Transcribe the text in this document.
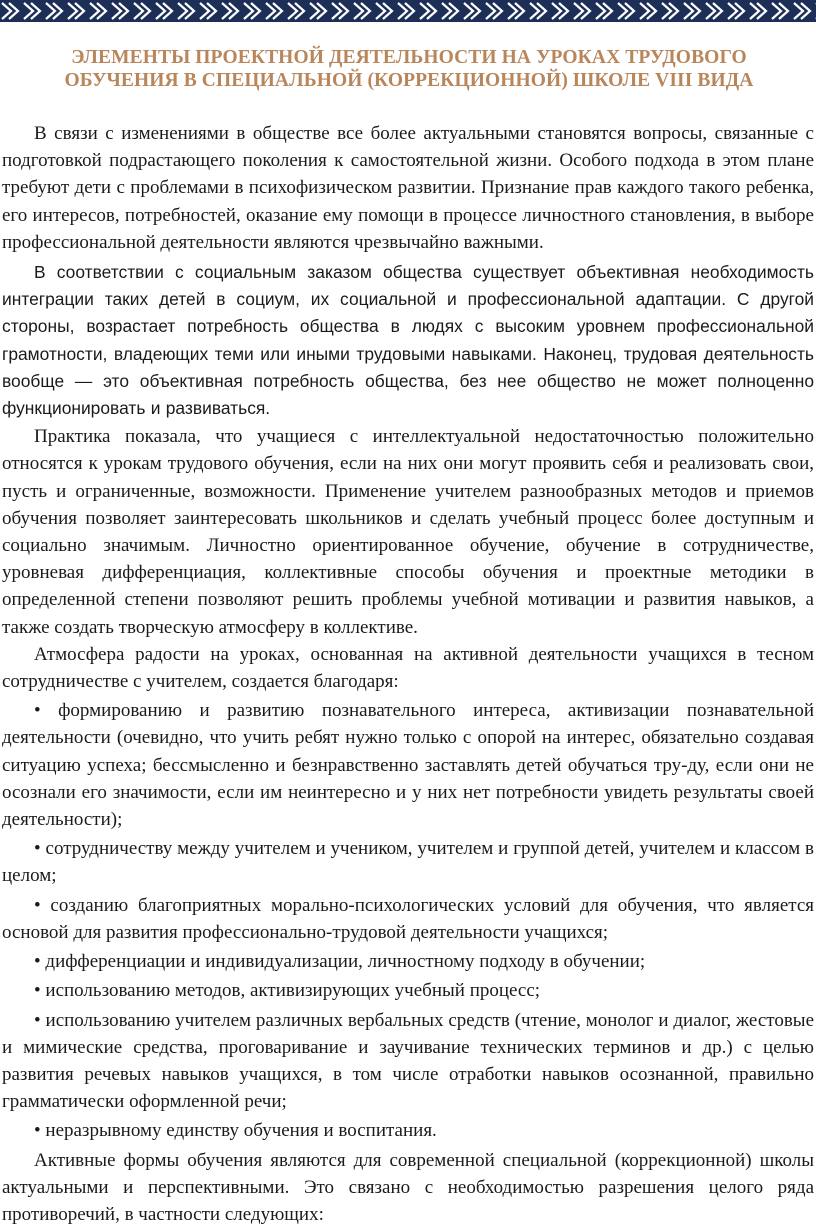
ЭЛЕМЕНТЫ ПРОЕКТНОЙ ДЕЯТЕЛЬНОСТИ НА УРОКАХ ТРУДОВОГО
ОБУЧЕНИЯ В СПЕЦИАЛЬНОЙ (КОРРЕКЦИОННОЙ) ШКОЛЕ VIII ВИДА

В связи с изменениями в обществе все более актуальными становятся вопросы, связанные с подготовкой подрастающего поколения к самостоятельной жизни. Особого подхода в этом плане требуют дети с проблемами в психофизическом развитии. Признание прав каждого такого ребенка, его интересов, потребностей, оказание ему помощи в процессе личностного становления, в выборе профессиональной деятельности являются чрезвычайно важными.

В соответствии с социальным заказом общества существует объективная необходимость интеграции таких детей в социум, их социальной и профессиональной адаптации. С другой стороны, возрастает потребность общества в людях с высоким уровнем профессиональной грамотности, владеющих теми или иными трудовыми навыками. Наконец, трудовая деятельность вообще — это объективная потребность общества, без нее общество не может полноценно функционировать и развиваться.

Практика показала, что учащиеся с интеллектуальной недостаточностью положительно относятся к урокам трудового обучения, если на них они могут проявить себя и реализовать свои, пусть и ограниченные, возможности. Применение учителем разнообразных методов и приемов обучения позволяет заинтересовать школьников и сделать учебный процесс более доступным и социально значимым. Личностно ориентированное обучение, обучение в сотрудничестве, уровневая дифференциация, коллективные способы обучения и проектные методики в определенной степени позволяют решить проблемы учебной мотивации и развития навыков, а также создать творческую атмосферу в коллективе.

Атмосфера радости на уроках, основанная на активной деятельности учащихся в тесном сотрудничестве с учителем, создается благодаря:

• формированию и развитию познавательного интереса, активизации познавательной деятельности (очевидно, что учить ребят нужно только с опорой на интерес, обязательно создавая ситуацию успеха; бессмысленно и безнравственно заставлять детей обучаться тру-ду, если они не осознали его значимости, если им неинтересно и у них нет потребности увидеть результаты своей деятельности);

• сотрудничеству между учителем и учеником, учителем и группой детей, учителем и классом в целом;

• созданию благоприятных морально-психологических условий для обучения, что является основой для развития профессионально-трудовой деятельности учащихся;

• дифференциации и индивидуализации, личностному подходу в обучении;

• использованию методов, активизирующих учебный процесс;

• использованию учителем различных вербальных средств (чтение, монолог и диалог, жестовые и мимические средства, проговаривание и заучивание технических терминов и др.) с целью развития речевых навыков учащихся, в том числе отработки навыков осознанной, правильно грамматически оформленной речи;

• неразрывному единству обучения и воспитания.

Активные формы обучения являются для современной специальной (коррекционной) школы актуальными и перспективными. Это связано с необходимостью разрешения целого ряда противоречий, в частности следующих:
